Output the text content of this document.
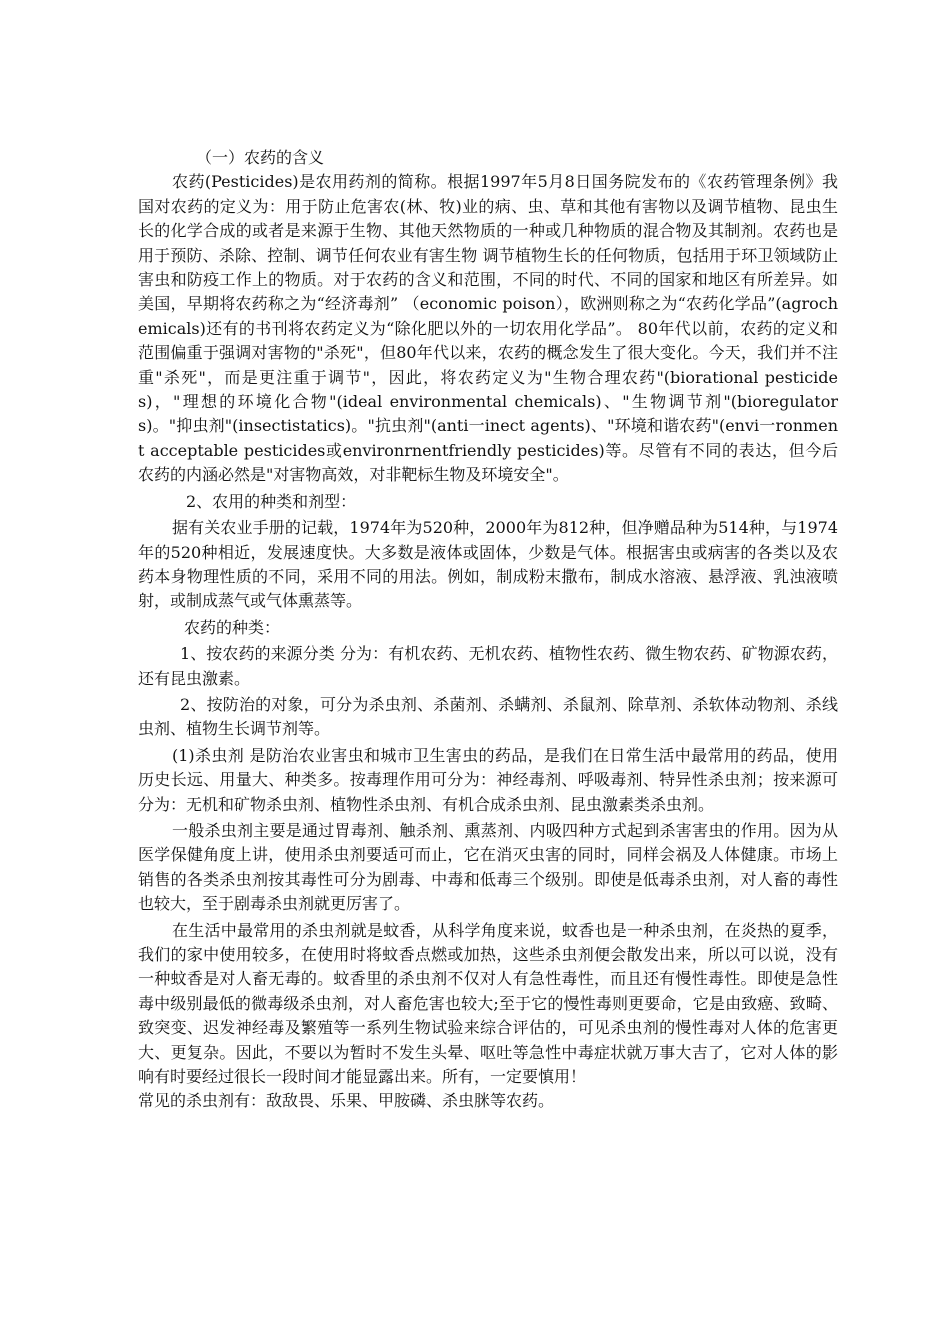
（一）农药的含义

农药(Pesticides)是农用药剂的简称。根据1997年5月8日国务院发布的《农药管理条例》我国对农药的定义为：用于防止危害农(林、牧)业的病、虫、草和其他有害物以及调节植物、昆虫生长的化学合成的或者是来源于生物、其他天然物质的一种或几种物质的混合物及其制剂。农药也是用于预防、杀除、控制、调节任何农业有害生物 调节植物生长的任何物质，包括用于环卫领域防止害虫和防疫工作上的物质。对于农药的含义和范围，不同的时代、不同的国家和地区有所差异。如美国，早期将农药称之为“经济毒剂” （economic poison），欧洲则称之为“农药化学品”(agrochemicals)还有的书刊将农药定义为“除化肥以外的一切农用化学品”。 80年代以前，农药的定义和范围偏重于强调对害物的"杀死"，但80年代以来，农药的概念发生了很大变化。今天，我们并不注重"杀死"，而是更注重于调节"，因此，将农药定义为"生物合理农药"(biorational pesticides)，"理想的环境化合物"(ideal environmental chemicals)、"生物调节剂"(bioregulators)。"抑虫剂"(insectistatics)。"抗虫剂"(anti一inect agents)、"环境和谐农药"(envi一ronment acceptable pesticides或environrnentfriendly pesticides)等。尽管有不同的表达，但今后农药的内涵必然是"对害物高效，对非靶标生物及环境安全"。

2、农用的种类和剂型：

据有关农业手册的记载，1974年为520种，2000年为812种，但净赠品种为514种，与1974年的520种相近，发展速度快。大多数是液体或固体，少数是气体。根据害虫或病害的各类以及农药本身物理性质的不同，采用不同的用法。例如，制成粉末撒布，制成水溶液、悬浮液、乳浊液喷射，或制成蒸气或气体熏蒸等。

农药的种类：

1、按农药的来源分类 分为：有机农药、无机农药、植物性农药、微生物农药、矿物源农药，还有昆虫激素。

2、按防治的对象，可分为杀虫剂、杀菌剂、杀螨剂、杀鼠剂、除草剂、杀软体动物剂、杀线虫剂、植物生长调节剂等。

(1)杀虫剂 是防治农业害虫和城市卫生害虫的药品，是我们在日常生活中最常用的药品，使用历史长远、用量大、种类多。按毒理作用可分为：神经毒剂、呼吸毒剂、特异性杀虫剂；按来源可分为：无机和矿物杀虫剂、植物性杀虫剂、有机合成杀虫剂、昆虫激素类杀虫剂。

一般杀虫剂主要是通过胃毒剂、触杀剂、熏蒸剂、内吸四种方式起到杀害害虫的作用。因为从医学保健角度上讲，使用杀虫剂要适可而止，它在消灭虫害的同时，同样会祸及人体健康。市场上销售的各类杀虫剂按其毒性可分为剧毒、中毒和低毒三个级别。即使是低毒杀虫剂，对人畜的毒性也较大，至于剧毒杀虫剂就更厉害了。

在生活中最常用的杀虫剂就是蚊香，从科学角度来说，蚊香也是一种杀虫剂，在炎热的夏季，我们的家中使用较多，在使用时将蚊香点燃或加热，这些杀虫剂便会散发出来，所以可以说，没有一种蚊香是对人畜无毒的。蚊香里的杀虫剂不仅对人有急性毒性，而且还有慢性毒性。即使是急性毒中级别最低的微毒级杀虫剂，对人畜危害也较大;至于它的慢性毒则更要命，它是由致癌、致畸、致突变、迟发神经毒及繁殖等一系列生物试验来综合评估的，可见杀虫剂的慢性毒对人体的危害更大、更复杂。因此，不要以为暂时不发生头晕、呕吐等急性中毒症状就万事大吉了，它对人体的影响有时要经过很长一段时间才能显露出来。所有，一定要慎用！

常见的杀虫剂有：敌敌畏、乐果、甲胺磷、杀虫脒等农药。
